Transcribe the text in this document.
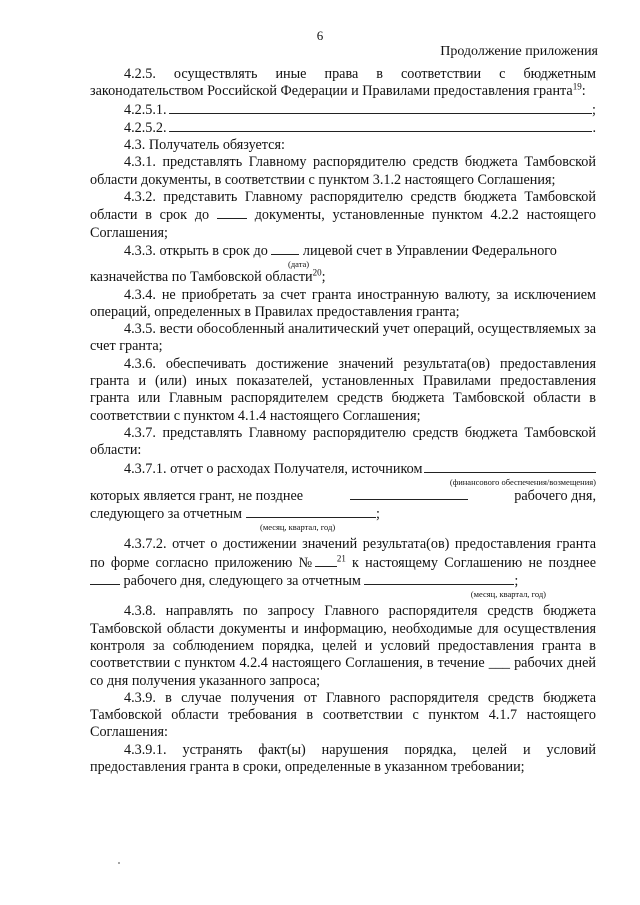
6
Продолжение приложения

4.2.5. осуществлять иные права в соответствии с бюджетным законодательством Российской Федерации и Правилами предоставления гранта$^{19}$:

4.2.5.1.	;
4.2.5.2.	.

4.3. Получатель обязуется:

4.3.1. представлять Главному распорядителю средств бюджета Тамбовской области документы, в соответствии с пунктом 3.1.2 настоящего Соглашения;

4.3.2. представить Главному распорядителю средств бюджета Тамбовской области в срок до	документы, установленные пунктом 4.2.2 настоящего Соглашения;

4.3.3. открыть в срок до лицевой счет в Управлении Федерального

(дата)

казначейства по Тамбовской области$^{20}$;

4.3.4. не приобретать за счет гранта иностранную валюту, за исключением операций, определенных в Правилах предоставления гранта;

4.3.5. вести обособленный аналитический учет операций, осуществляемых за счет гранта;

4.3.6. обеспечивать достижение значений результата(ов) предоставления гранта и (или) иных показателей, установленных Правилами предоставления гранта или Главным распорядителем средств бюджета Тамбовской области в соответствии с пунктом 4.1.4 настоящего Соглашения;

4.3.7. представлять Главному распорядителю средств бюджета Тамбовской области:

4.3.7.1. отчет о расходах Получателя, источником
(финансового обеспечения/возмещения)
которых является грант, не позднее	рабочего дня,
следующего за отчетным	;
(месяц, квартал, год)

4.3.7.2. отчет о достижении значений результата(ов) предоставления гранта по форме согласно приложению № $^{21}$ к настоящему Соглашению не позднее  рабочего дня, следующего за отчетным	;

(месяц, квартал, год)

4.3.8. направлять по запросу Главного распорядителя средств бюджета Тамбовской области документы и информацию, необходимые для осуществления контроля за соблюдением порядка, целей и условий предоставления гранта в соответствии с пунктом 4.2.4 настоящего Соглашения, в течение ___ рабочих дней со дня получения указанного запроса;

4.3.9. в случае получения от Главного распорядителя средств бюджета Тамбовской области требования в соответствии с пунктом 4.1.7 настоящего Соглашения:

4.3.9.1. устранять факт(ы) нарушения порядка, целей и условий предоставления гранта в сроки, определенные в указанном требовании;
